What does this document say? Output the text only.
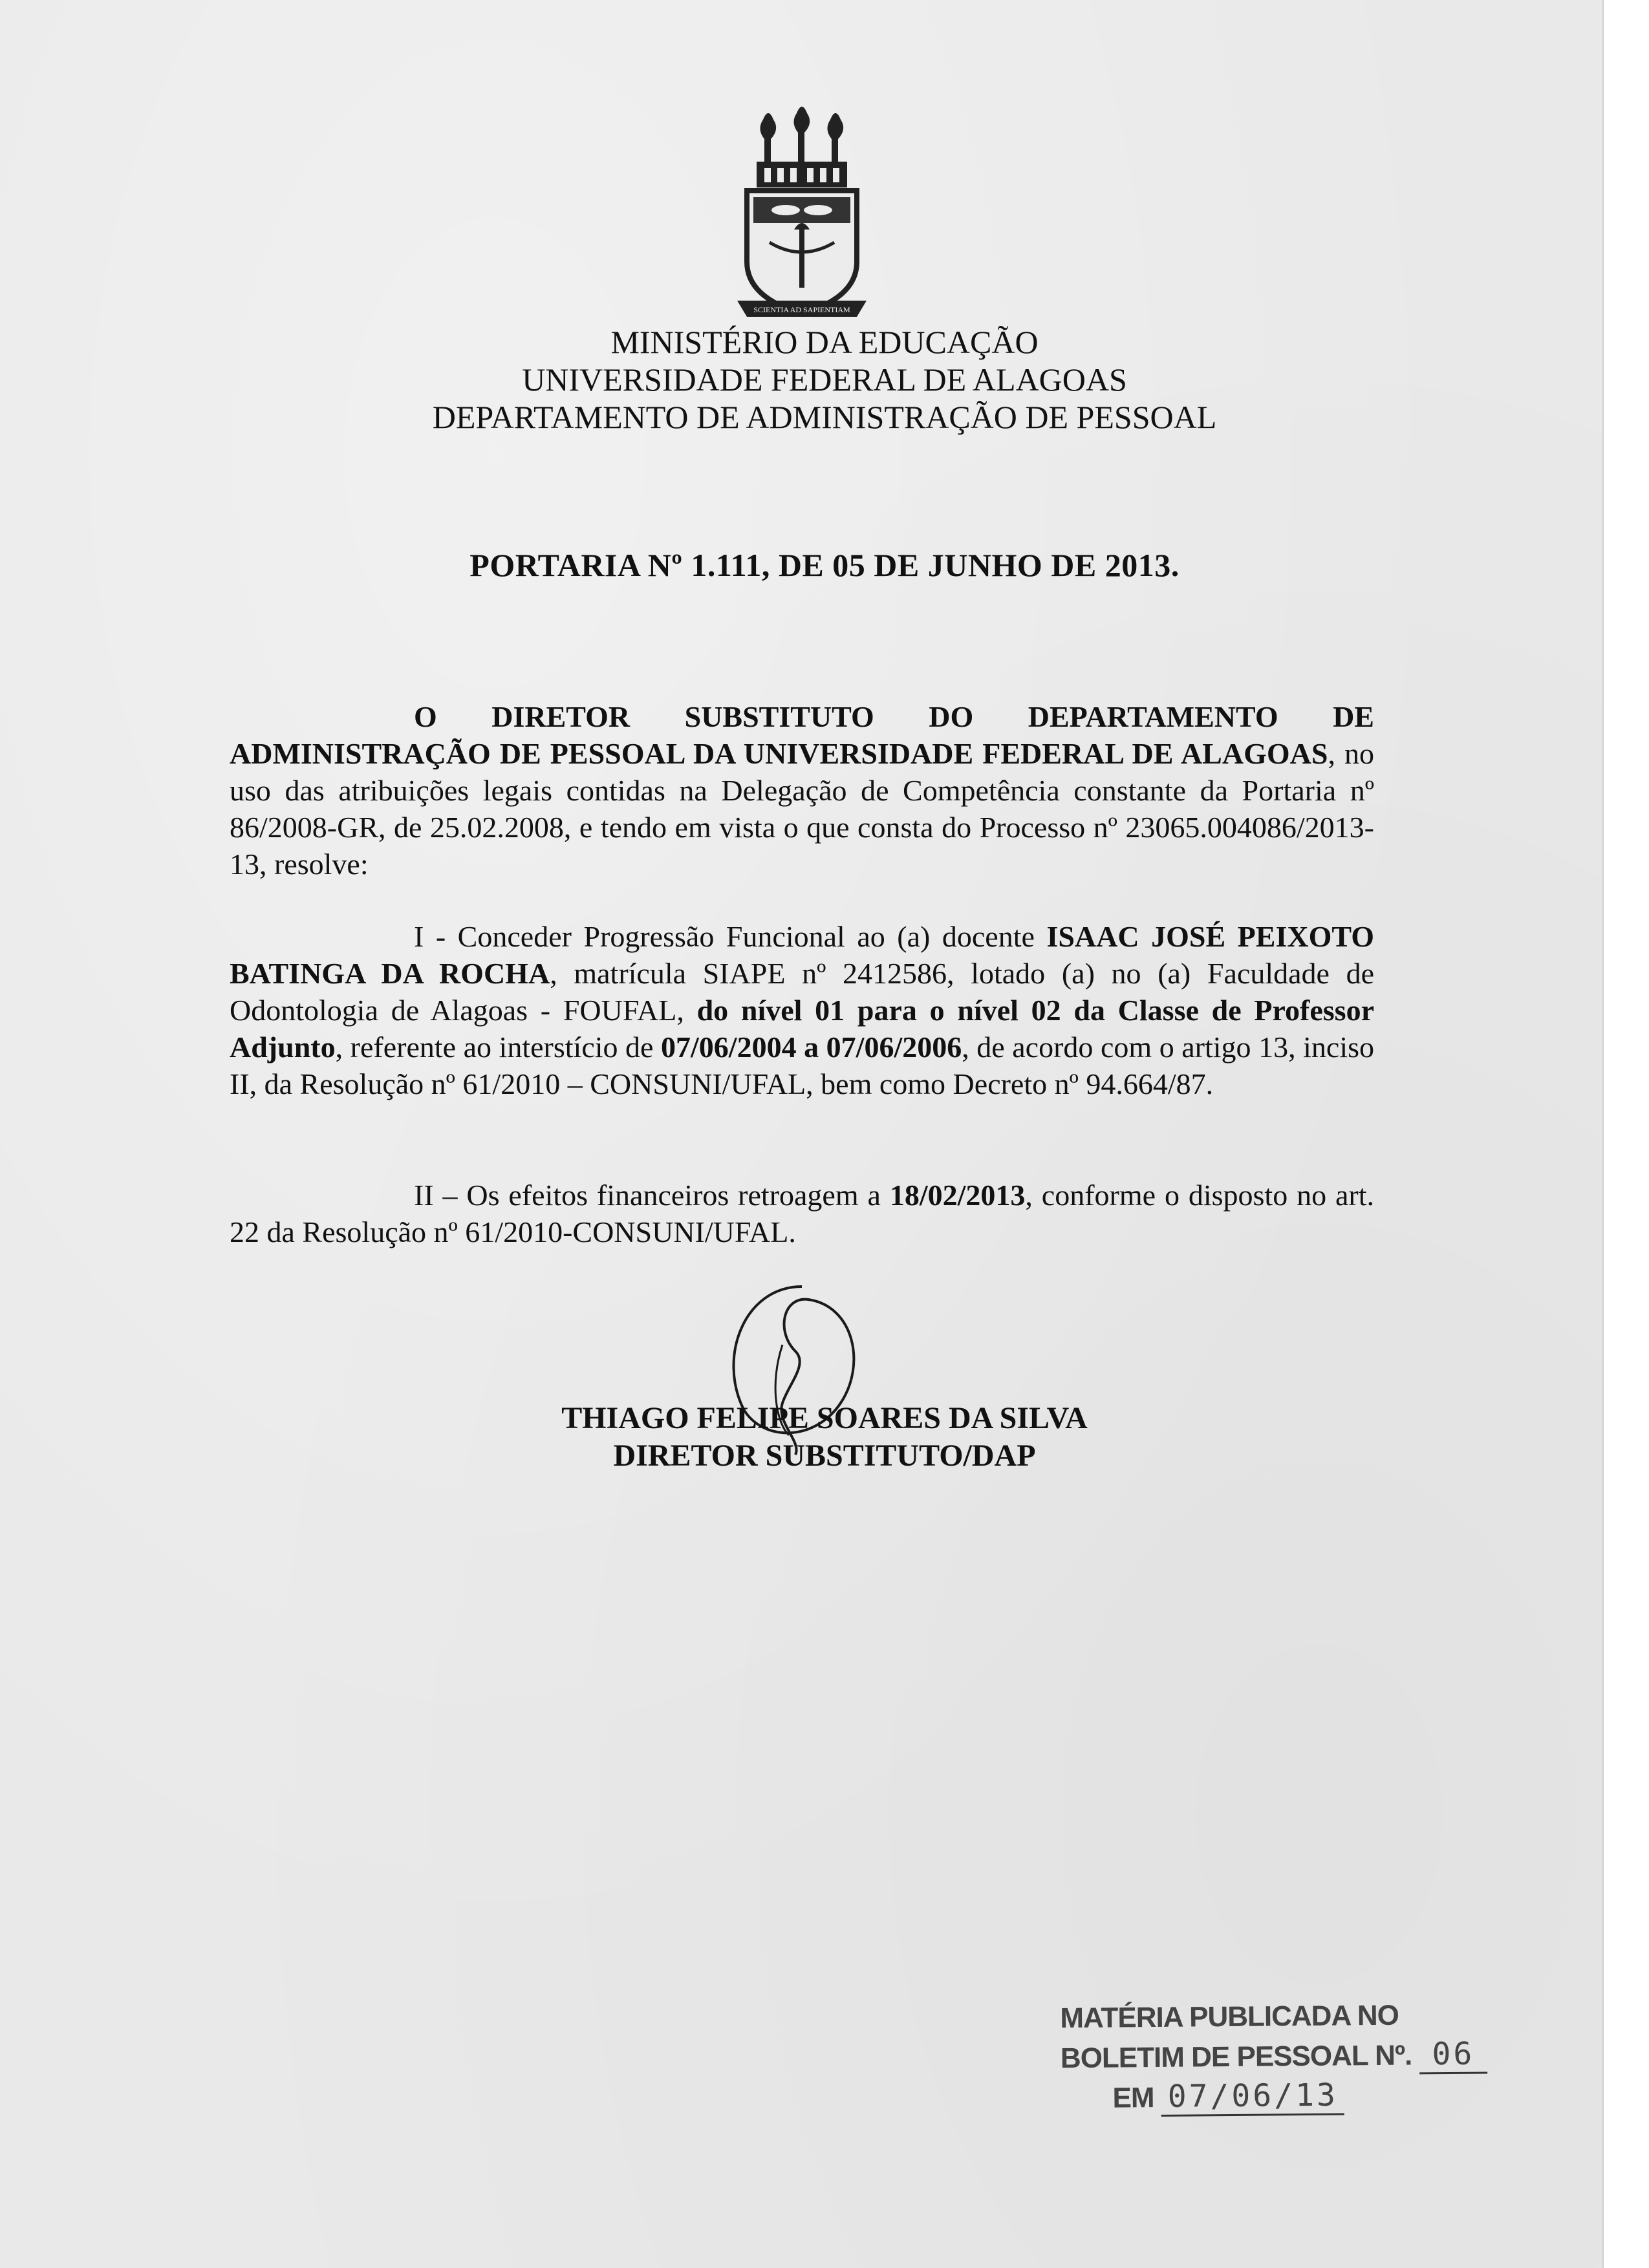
SCIENTIA AD SAPIENTIAM
MINISTÉRIO DA EDUCAÇÃO
UNIVERSIDADE FEDERAL DE ALAGOAS
DEPARTAMENTO DE ADMINISTRAÇÃO DE PESSOAL
PORTARIA Nº 1.111, DE 05 DE JUNHO DE 2013.

O DIRETOR SUBSTITUTO DO DEPARTAMENTO DE ADMINISTRAÇÃO DE PESSOAL DA UNIVERSIDADE FEDERAL DE ALAGOAS, no uso das atribuições legais contidas na Delegação de Competência constante da Portaria nº 86/2008-GR, de 25.02.2008, e tendo em vista o que consta do Processo nº 23065.004086/2013-13, resolve:

I - Conceder Progressão Funcional ao (a) docente ISAAC JOSÉ PEIXOTO BATINGA DA ROCHA, matrícula SIAPE nº 2412586, lotado (a) no (a) Faculdade de Odontologia de Alagoas - FOUFAL, do nível 01 para o nível 02 da Classe de Professor Adjunto, referente ao interstício de 07/06/2004 a 07/06/2006, de acordo com o artigo 13, inciso II, da Resolução nº 61/2010 – CONSUNI/UFAL, bem como Decreto nº 94.664/87.

II – Os efeitos financeiros retroagem a 18/02/2013, conforme o disposto no art. 22 da Resolução nº 61/2010-CONSUNI/UFAL.

THIAGO FELIPE SOARES DA SILVA
DIRETOR SUBSTITUTO/DAP
MATÉRIA PUBLICADA NO
BOLETIM DE PESSOAL Nº. 06
EM 07/06/13
